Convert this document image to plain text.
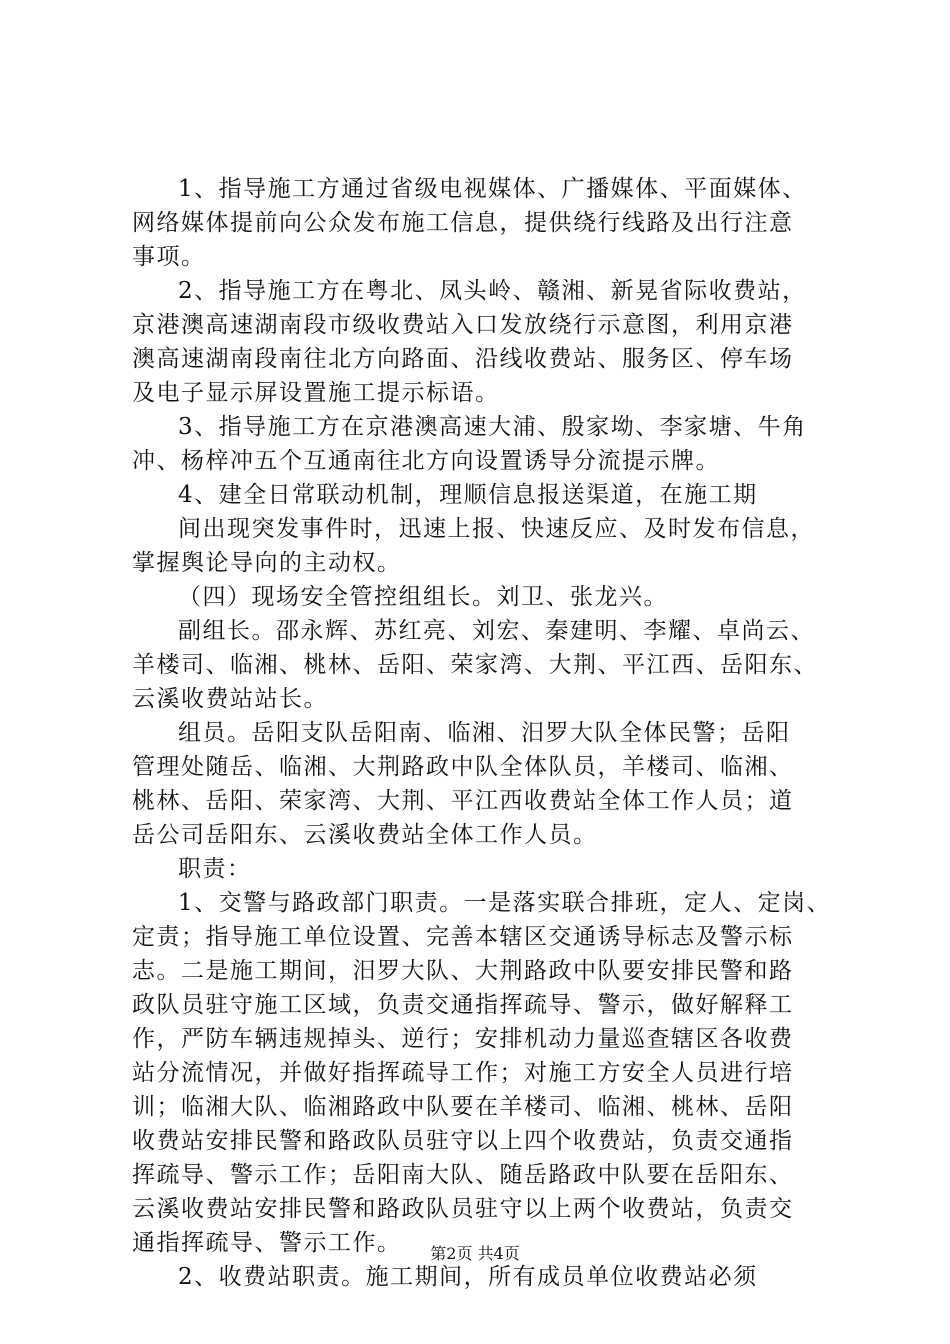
1、指导施工方通过省级电视媒体、广播媒体、平面媒体、
网络媒体提前向公众发布施工信息，提供绕行线路及出行注意
事项。
2、指导施工方在粤北、凤头岭、赣湘、新晃省际收费站，
京港澳高速湖南段市级收费站入口发放绕行示意图，利用京港
澳高速湖南段南往北方向路面、沿线收费站、服务区、停车场
及电子显示屏设置施工提示标语。
3、指导施工方在京港澳高速大浦、殷家坳、李家塘、牛角
冲、杨梓冲五个互通南往北方向设置诱导分流提示牌。
4、建全日常联动机制，理顺信息报送渠道，在施工期
间出现突发事件时，迅速上报、快速反应、及时发布信息，
掌握舆论导向的主动权。
（四）现场安全管控组组长。刘卫、张龙兴。
副组长。邵永辉、苏红亮、刘宏、秦建明、李耀、卓尚云、
羊楼司、临湘、桃林、岳阳、荣家湾、大荆、平江西、岳阳东、
云溪收费站站长。
组员。岳阳支队岳阳南、临湘、汨罗大队全体民警；岳阳
管理处随岳、临湘、大荆路政中队全体队员，羊楼司、临湘、
桃林、岳阳、荣家湾、大荆、平江西收费站全体工作人员；道
岳公司岳阳东、云溪收费站全体工作人员。
职责：
1、交警与路政部门职责。一是落实联合排班，定人、定岗、
定责；指导施工单位设置、完善本辖区交通诱导标志及警示标
志。二是施工期间，汨罗大队、大荆路政中队要安排民警和路
政队员驻守施工区域，负责交通指挥疏导、警示，做好解释工
作，严防车辆违规掉头、逆行；安排机动力量巡查辖区各收费
站分流情况，并做好指挥疏导工作；对施工方安全人员进行培
训；临湘大队、临湘路政中队要在羊楼司、临湘、桃林、岳阳
收费站安排民警和路政队员驻守以上四个收费站，负责交通指
挥疏导、警示工作；岳阳南大队、随岳路政中队要在岳阳东、
云溪收费站安排民警和路政队员驻守以上两个收费站，负责交
通指挥疏导、警示工作。
2、收费站职责。施工期间，所有成员单位收费站必须
第2页 共4页
